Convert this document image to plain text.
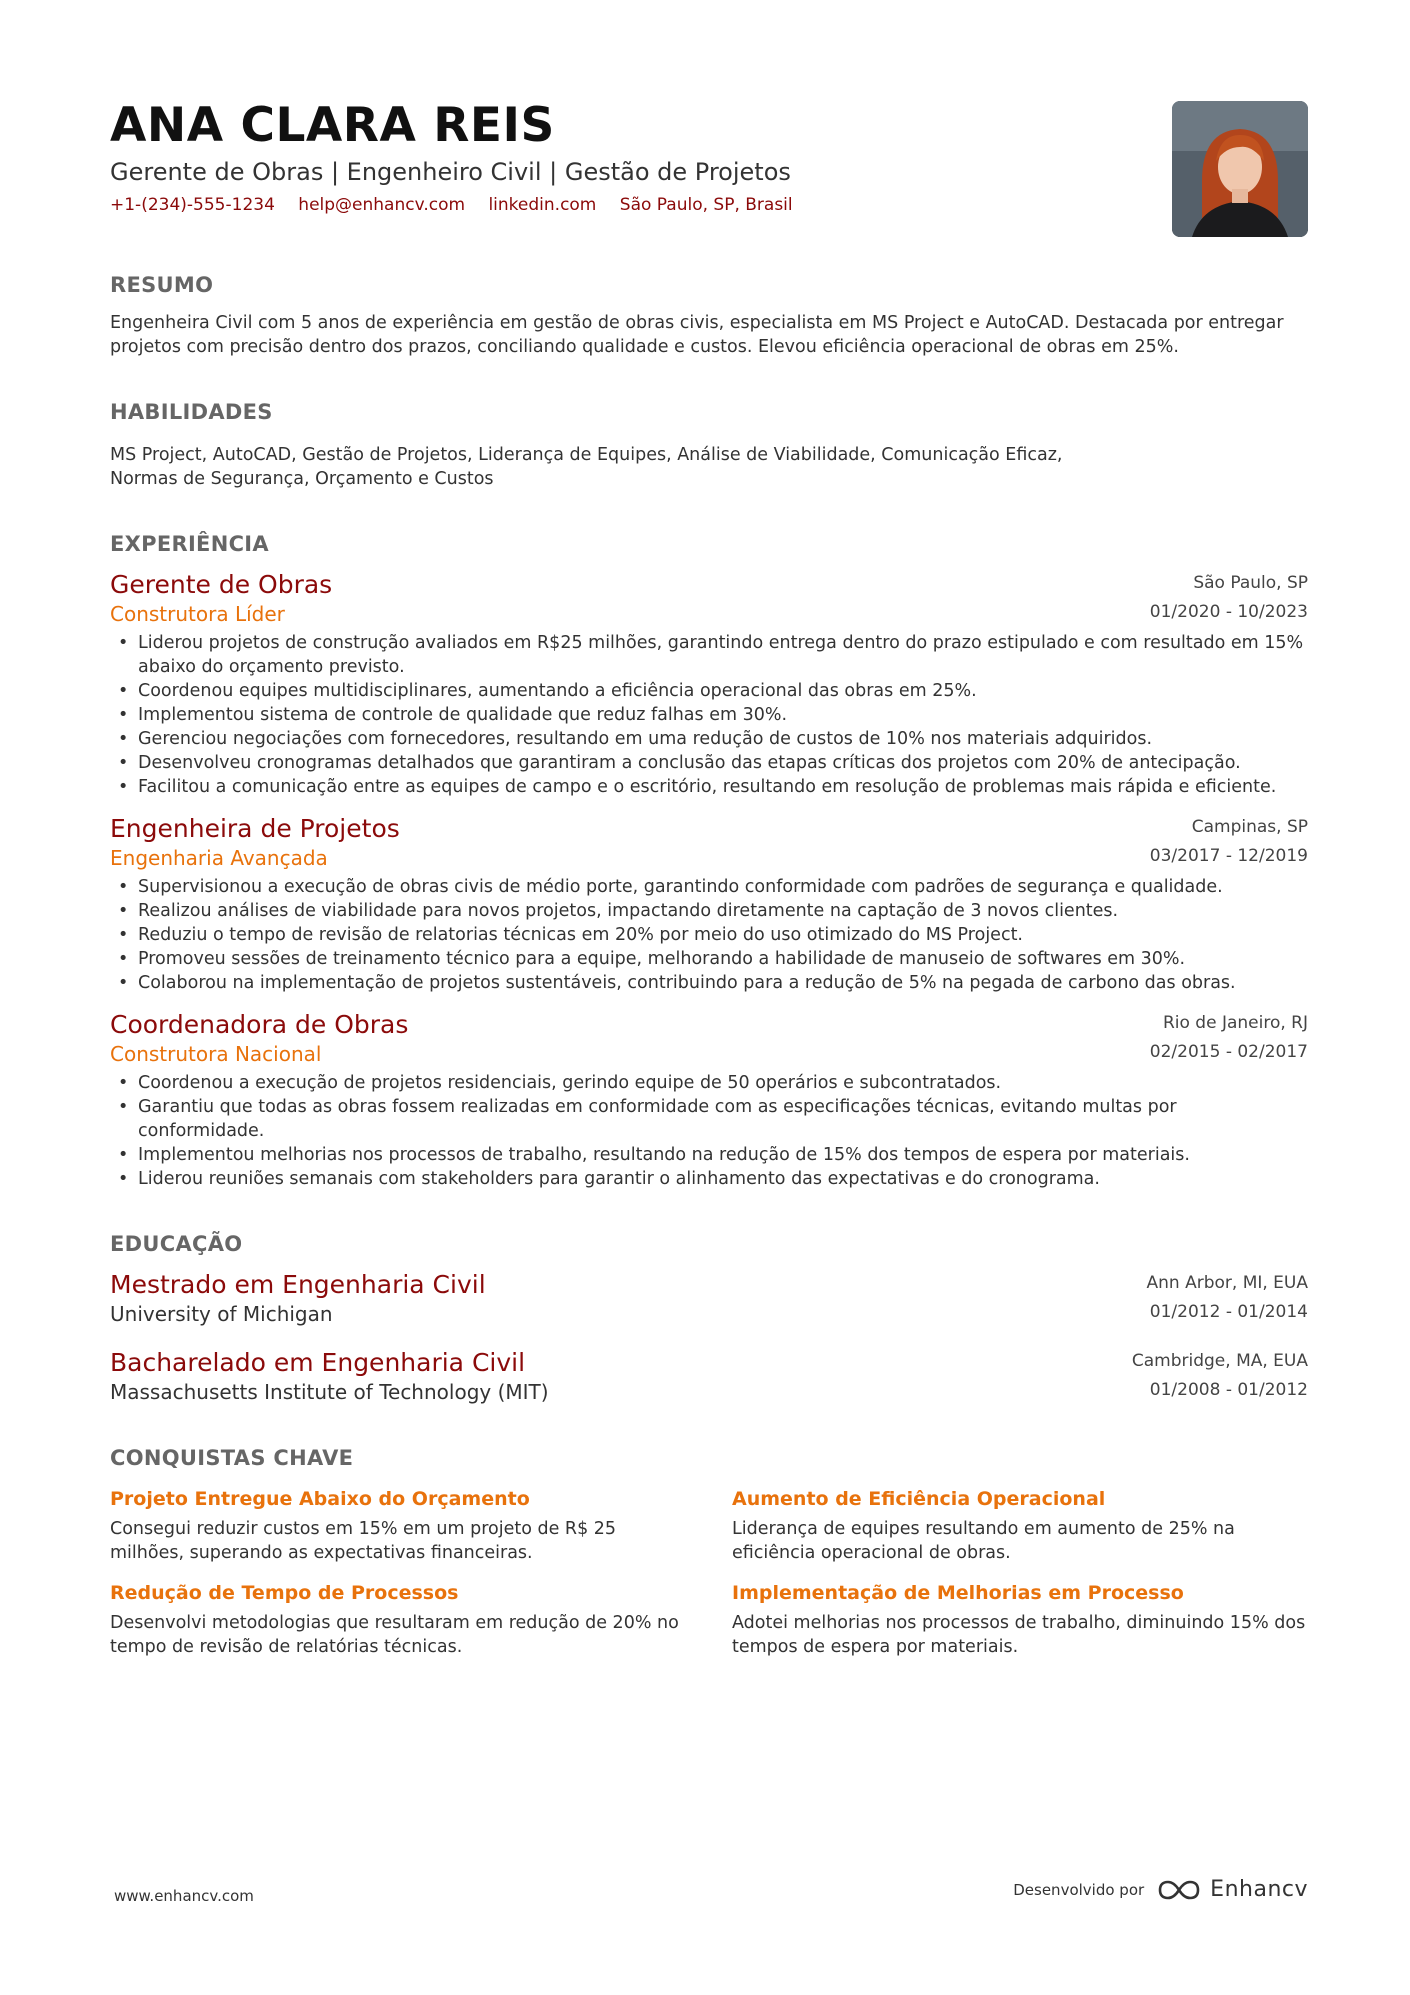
ANA CLARA REIS
Gerente de Obras | Engenheiro Civil | Gestão de Projetos
+1-(234)-555-1234 help@enhancv.com linkedin.com São Paulo, SP, Brasil
RESUMO
Engenheira Civil com 5 anos de experiência em gestão de obras civis, especialista em MS Project e AutoCAD. Destacada por entregar projetos com precisão dentro dos prazos, conciliando qualidade e custos. Elevou eficiência operacional de obras em 25%.
HABILIDADES
MS Project, AutoCAD, Gestão de Projetos, Liderança de Equipes, Análise de Viabilidade, Comunicação Eficaz,
Normas de Segurança, Orçamento e Custos
EXPERIÊNCIA
Gerente de Obras
Construtora Líder
São Paulo, SP
01/2020 - 10/2023
• Liderou projetos de construção avaliados em R$25 milhões, garantindo entrega dentro do prazo estipulado e com resultado em 15% abaixo do orçamento previsto.
• Coordenou equipes multidisciplinares, aumentando a eficiência operacional das obras em 25%.
• Implementou sistema de controle de qualidade que reduz falhas em 30%.
• Gerenciou negociações com fornecedores, resultando em uma redução de custos de 10% nos materiais adquiridos.
• Desenvolveu cronogramas detalhados que garantiram a conclusão das etapas críticas dos projetos com 20% de antecipação.
• Facilitou a comunicação entre as equipes de campo e o escritório, resultando em resolução de problemas mais rápida e eficiente.
Engenheira de Projetos
Engenharia Avançada
Campinas, SP
03/2017 - 12/2019
• Supervisionou a execução de obras civis de médio porte, garantindo conformidade com padrões de segurança e qualidade.
• Realizou análises de viabilidade para novos projetos, impactando diretamente na captação de 3 novos clientes.
• Reduziu o tempo de revisão de relatorias técnicas em 20% por meio do uso otimizado do MS Project.
• Promoveu sessões de treinamento técnico para a equipe, melhorando a habilidade de manuseio de softwares em 30%.
• Colaborou na implementação de projetos sustentáveis, contribuindo para a redução de 5% na pegada de carbono das obras.
Coordenadora de Obras
Construtora Nacional
Rio de Janeiro, RJ
02/2015 - 02/2017
• Coordenou a execução de projetos residenciais, gerindo equipe de 50 operários e subcontratados.
• Garantiu que todas as obras fossem realizadas em conformidade com as especificações técnicas, evitando multas por conformidade.
• Implementou melhorias nos processos de trabalho, resultando na redução de 15% dos tempos de espera por materiais.
• Liderou reuniões semanais com stakeholders para garantir o alinhamento das expectativas e do cronograma.
EDUCAÇÃO
Mestrado em Engenharia Civil
University of Michigan
Ann Arbor, MI, EUA
01/2012 - 01/2014
Bacharelado em Engenharia Civil
Massachusetts Institute of Technology (MIT)
Cambridge, MA, EUA
01/2008 - 01/2012
CONQUISTAS CHAVE
Projeto Entregue Abaixo do Orçamento
Consegui reduzir custos em 15% em um projeto de R$ 25 milhões, superando as expectativas financeiras.
Aumento de Eficiência Operacional
Liderança de equipes resultando em aumento de 25% na eficiência operacional de obras.
Redução de Tempo de Processos
Desenvolvi metodologias que resultaram em redução de 20% no tempo de revisão de relatórias técnicas.
Implementação de Melhorias em Processo
Adotei melhorias nos processos de trabalho, diminuindo 15% dos tempos de espera por materiais.
www.enhancv.com	Desenvolvido por	Enhancv
